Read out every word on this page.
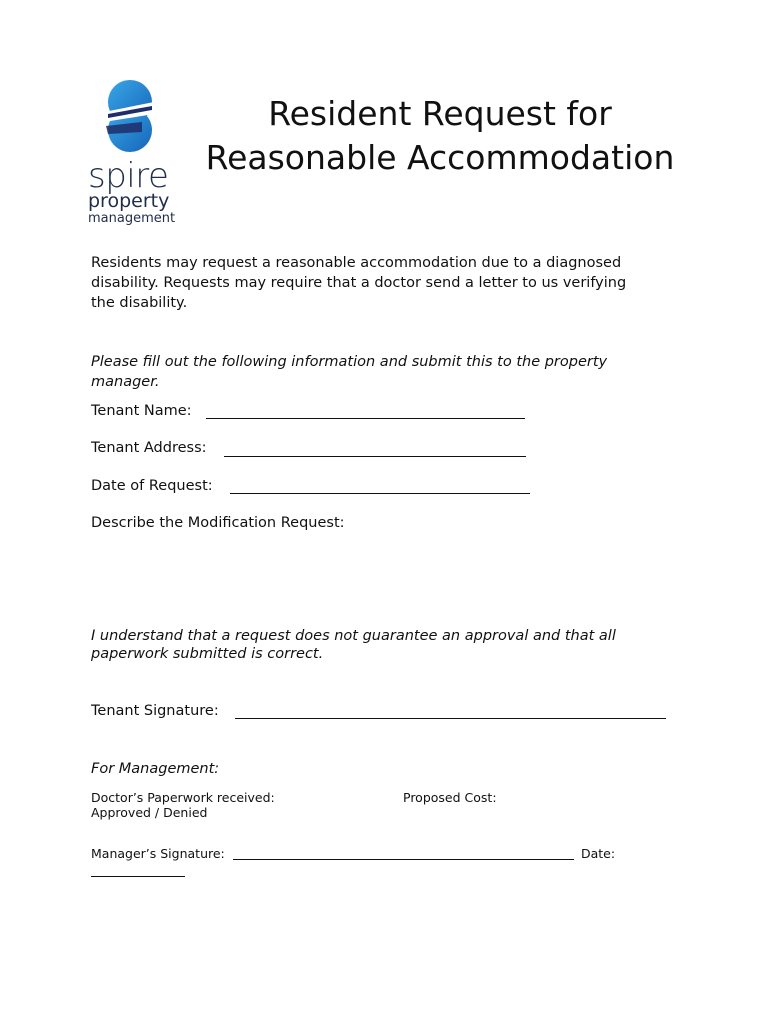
spire
property
management
Resident Request for
Reasonable Accommodation
Residents may request a reasonable accommodation due to a diagnosed
disability. Requests may require that a doctor send a letter to us verifying
the disability.
Please fill out the following information and submit this to the property
manager.
Tenant Name:
Tenant Address:
Date of Request:
Describe the Modification Request:
I understand that a request does not guarantee an approval and that all
paperwork submitted is correct.
Tenant Signature:
For Management:
Doctor’s Paperwork received:
Approved / Denied
Proposed Cost:
Manager’s Signature:	Date:
